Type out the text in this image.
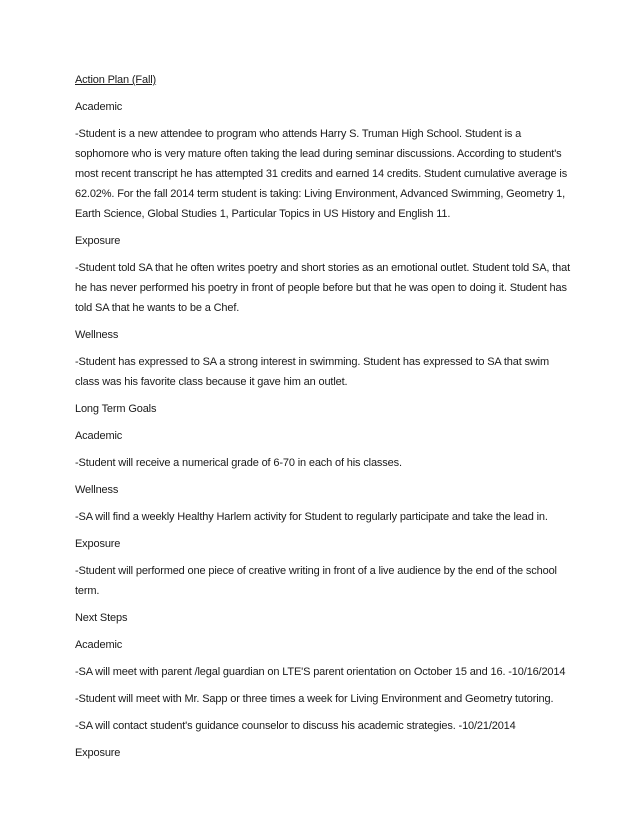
Action Plan (Fall)

Academic

-Student is a new attendee to program who attends Harry S. Truman High School. Student is a sophomore who is very mature often taking the lead during seminar discussions. According to student's most recent transcript he has attempted 31 credits and earned 14 credits. Student cumulative average is 62.02%. For the fall 2014 term student is taking: Living Environment, Advanced Swimming, Geometry 1, Earth Science, Global Studies 1, Particular Topics in US History and English 11.

Exposure

-Student told SA that he often writes poetry and short stories as an emotional outlet. Student told SA, that he has never performed his poetry in front of people before but that he was open to doing it. Student has told SA that he wants to be a Chef.

Wellness

-Student has expressed to SA a strong interest in swimming. Student has expressed to SA that swim class was his favorite class because it gave him an outlet.

Long Term Goals

Academic

-Student will receive a numerical grade of 6-70 in each of his classes.

Wellness

-SA will find a weekly Healthy Harlem activity for Student to regularly participate and take the lead in.

Exposure

-Student will performed one piece of creative writing in front of a live audience by the end of the school term.

Next Steps

Academic

-SA will meet with parent /legal guardian on LTE'S parent orientation on October 15 and 16. -10/16/2014

-Student will meet with Mr. Sapp or three times a week for Living Environment and Geometry tutoring.

-SA will contact student's guidance counselor to discuss his academic strategies. -10/21/2014

Exposure
